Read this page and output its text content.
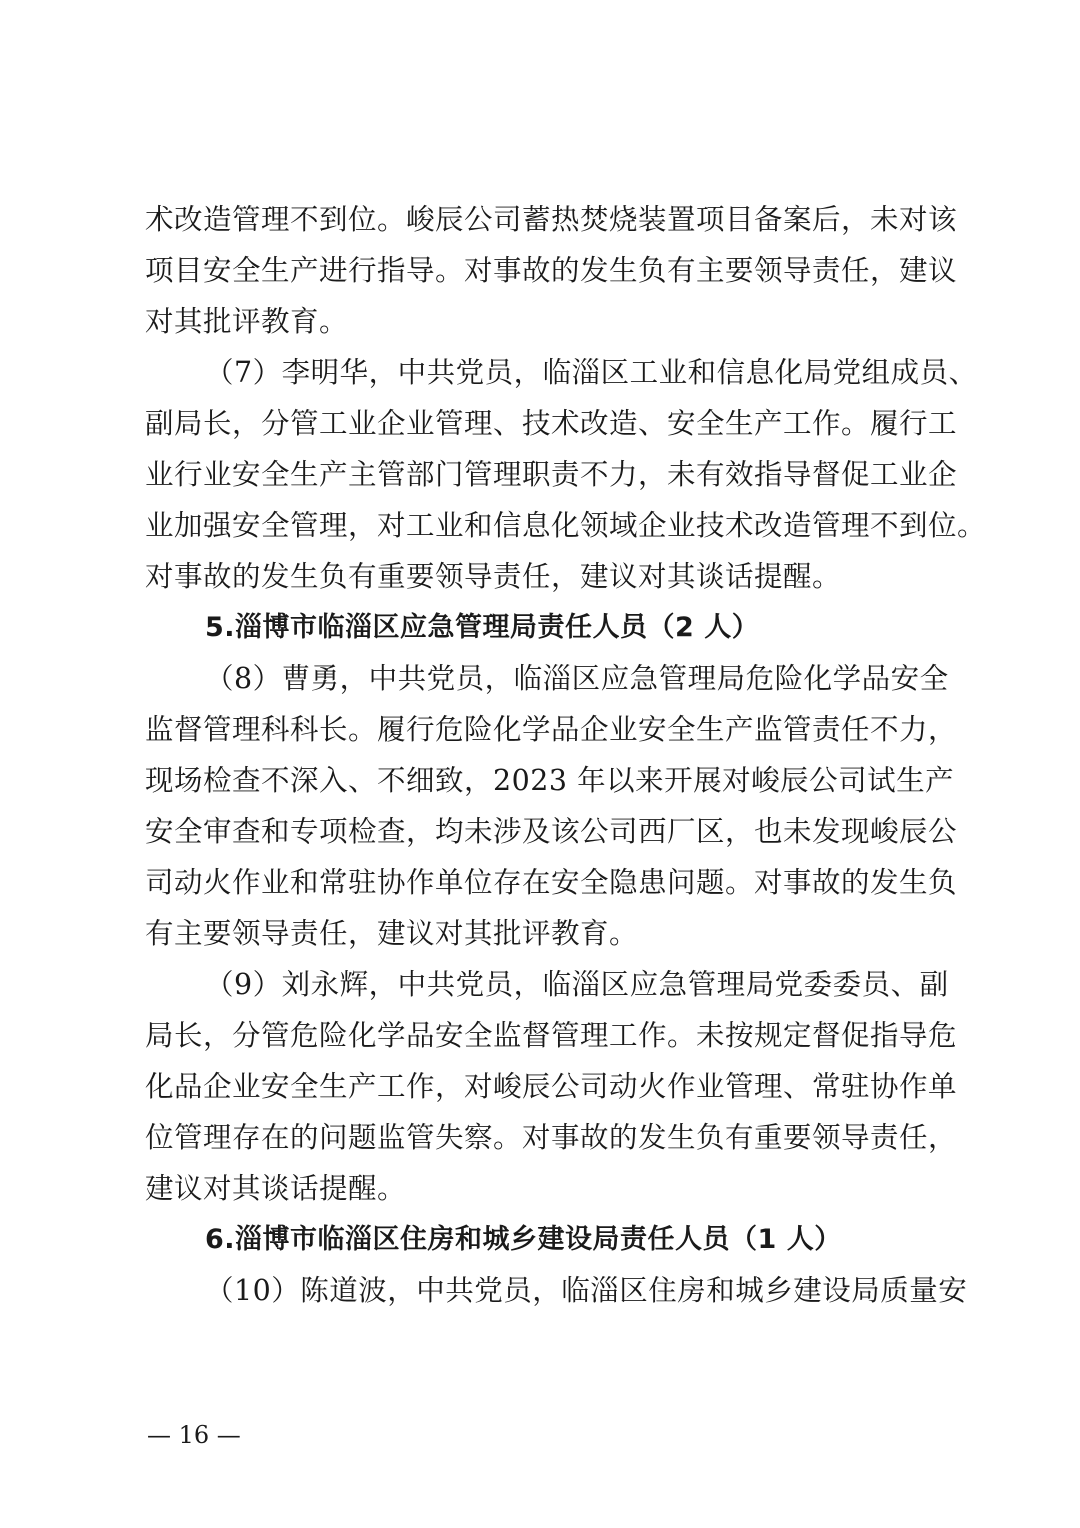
术改造管理不到位。峻辰公司蓄热焚烧装置项目备案后，未对该
项目安全生产进行指导。对事故的发生负有主要领导责任，建议
对其批评教育。
（7）李明华，中共党员，临淄区工业和信息化局党组成员、
副局长，分管工业企业管理、技术改造、安全生产工作。履行工
业行业安全生产主管部门管理职责不力，未有效指导督促工业企
业加强安全管理，对工业和信息化领域企业技术改造管理不到位。
对事故的发生负有重要领导责任，建议对其谈话提醒。
5.淄博市临淄区应急管理局责任人员（2 人）
（8）曹勇，中共党员，临淄区应急管理局危险化学品安全
监督管理科科长。履行危险化学品企业安全生产监管责任不力，
现场检查不深入、不细致，2023 年以来开展对峻辰公司试生产
安全审查和专项检查，均未涉及该公司西厂区，也未发现峻辰公
司动火作业和常驻协作单位存在安全隐患问题。对事故的发生负
有主要领导责任，建议对其批评教育。
（9）刘永辉，中共党员，临淄区应急管理局党委委员、副
局长，分管危险化学品安全监督管理工作。未按规定督促指导危
化品企业安全生产工作，对峻辰公司动火作业管理、常驻协作单
位管理存在的问题监管失察。对事故的发生负有重要领导责任，
建议对其谈话提醒。
6.淄博市临淄区住房和城乡建设局责任人员（1 人）
（10）陈道波，中共党员，临淄区住房和城乡建设局质量安
— 16 —
